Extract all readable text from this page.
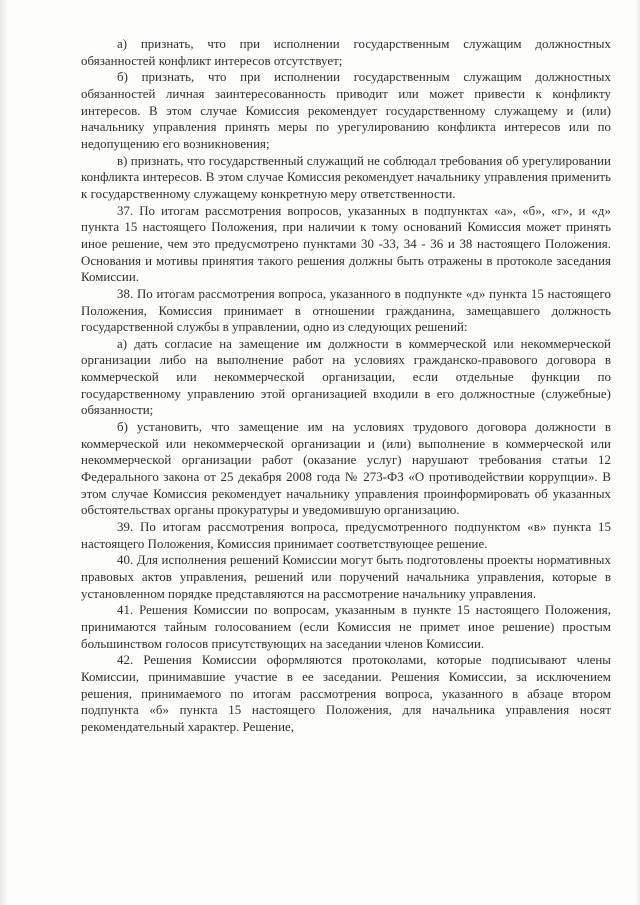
а) признать, что при исполнении государственным служащим должностных обязанностей конфликт интересов отсутствует;

б) признать, что при исполнении государственным служащим должностных обязанностей личная заинтересованность приводит или может привести к конфликту интересов. В этом случае Комиссия рекомендует государственному служащему и (или) начальнику управления принять меры по урегулированию конфликта интересов или по недопущению его возникновения;

в) признать, что государственный служащий не соблюдал требования об урегулировании конфликта интересов. В этом случае Комиссия рекомендует начальнику управления применить к государственному служащему конкретную меру ответственности.

37. По итогам рассмотрения вопросов, указанных в подпунктах «а», «б», «г», и «д» пункта 15 настоящего Положения, при наличии к тому оснований Комиссия может принять иное решение, чем это предусмотрено пунктами 30 -33, 34 - 36 и 38 настоящего Положения. Основания и мотивы принятия такого решения должны быть отражены в протоколе заседания Комиссии.

38. По итогам рассмотрения вопроса, указанного в подпункте «д» пункта 15 настоящего Положения, Комиссия принимает в отношении гражданина, замещавшего должность государственной службы в управлении, одно из следующих решений:

а) дать согласие на замещение им должности в коммерческой или некоммерческой организации либо на выполнение работ на условиях гражданско-правового договора в коммерческой или некоммерческой организации, если отдельные функции по государственному управлению этой организацией входили в его должностные (служебные) обязанности;

б) установить, что замещение им на условиях трудового договора должности в коммерческой или некоммерческой организации и (или) выполнение в коммерческой или некоммерческой организации работ (оказание услуг) нарушают требования статьи 12 Федерального закона от 25 декабря 2008 года № 273-ФЗ «О противодействии коррупции». В этом случае Комиссия рекомендует начальнику управления проинформировать об указанных обстоятельствах органы прокуратуры и уведомившую организацию.

39. По итогам рассмотрения вопроса, предусмотренного подпунктом «в» пункта 15 настоящего Положения, Комиссия принимает соответствующее решение.

40. Для исполнения решений Комиссии могут быть подготовлены проекты нормативных правовых актов управления, решений или поручений начальника управления, которые в установленном порядке представляются на рассмотрение начальнику управления.

41. Решения Комиссии по вопросам, указанным в пункте 15 настоящего Положения, принимаются тайным голосованием (если Комиссия не примет иное решение) простым большинством голосов присутствующих на заседании членов Комиссии.

42. Решения Комиссии оформляются протоколами, которые подписывают члены Комиссии, принимавшие участие в ее заседании. Решения Комиссии, за исключением решения, принимаемого по итогам рассмотрения вопроса, указанного в абзаце втором подпункта «б» пункта 15 настоящего Положения, для начальника управления носят рекомендательный характер. Решение,
